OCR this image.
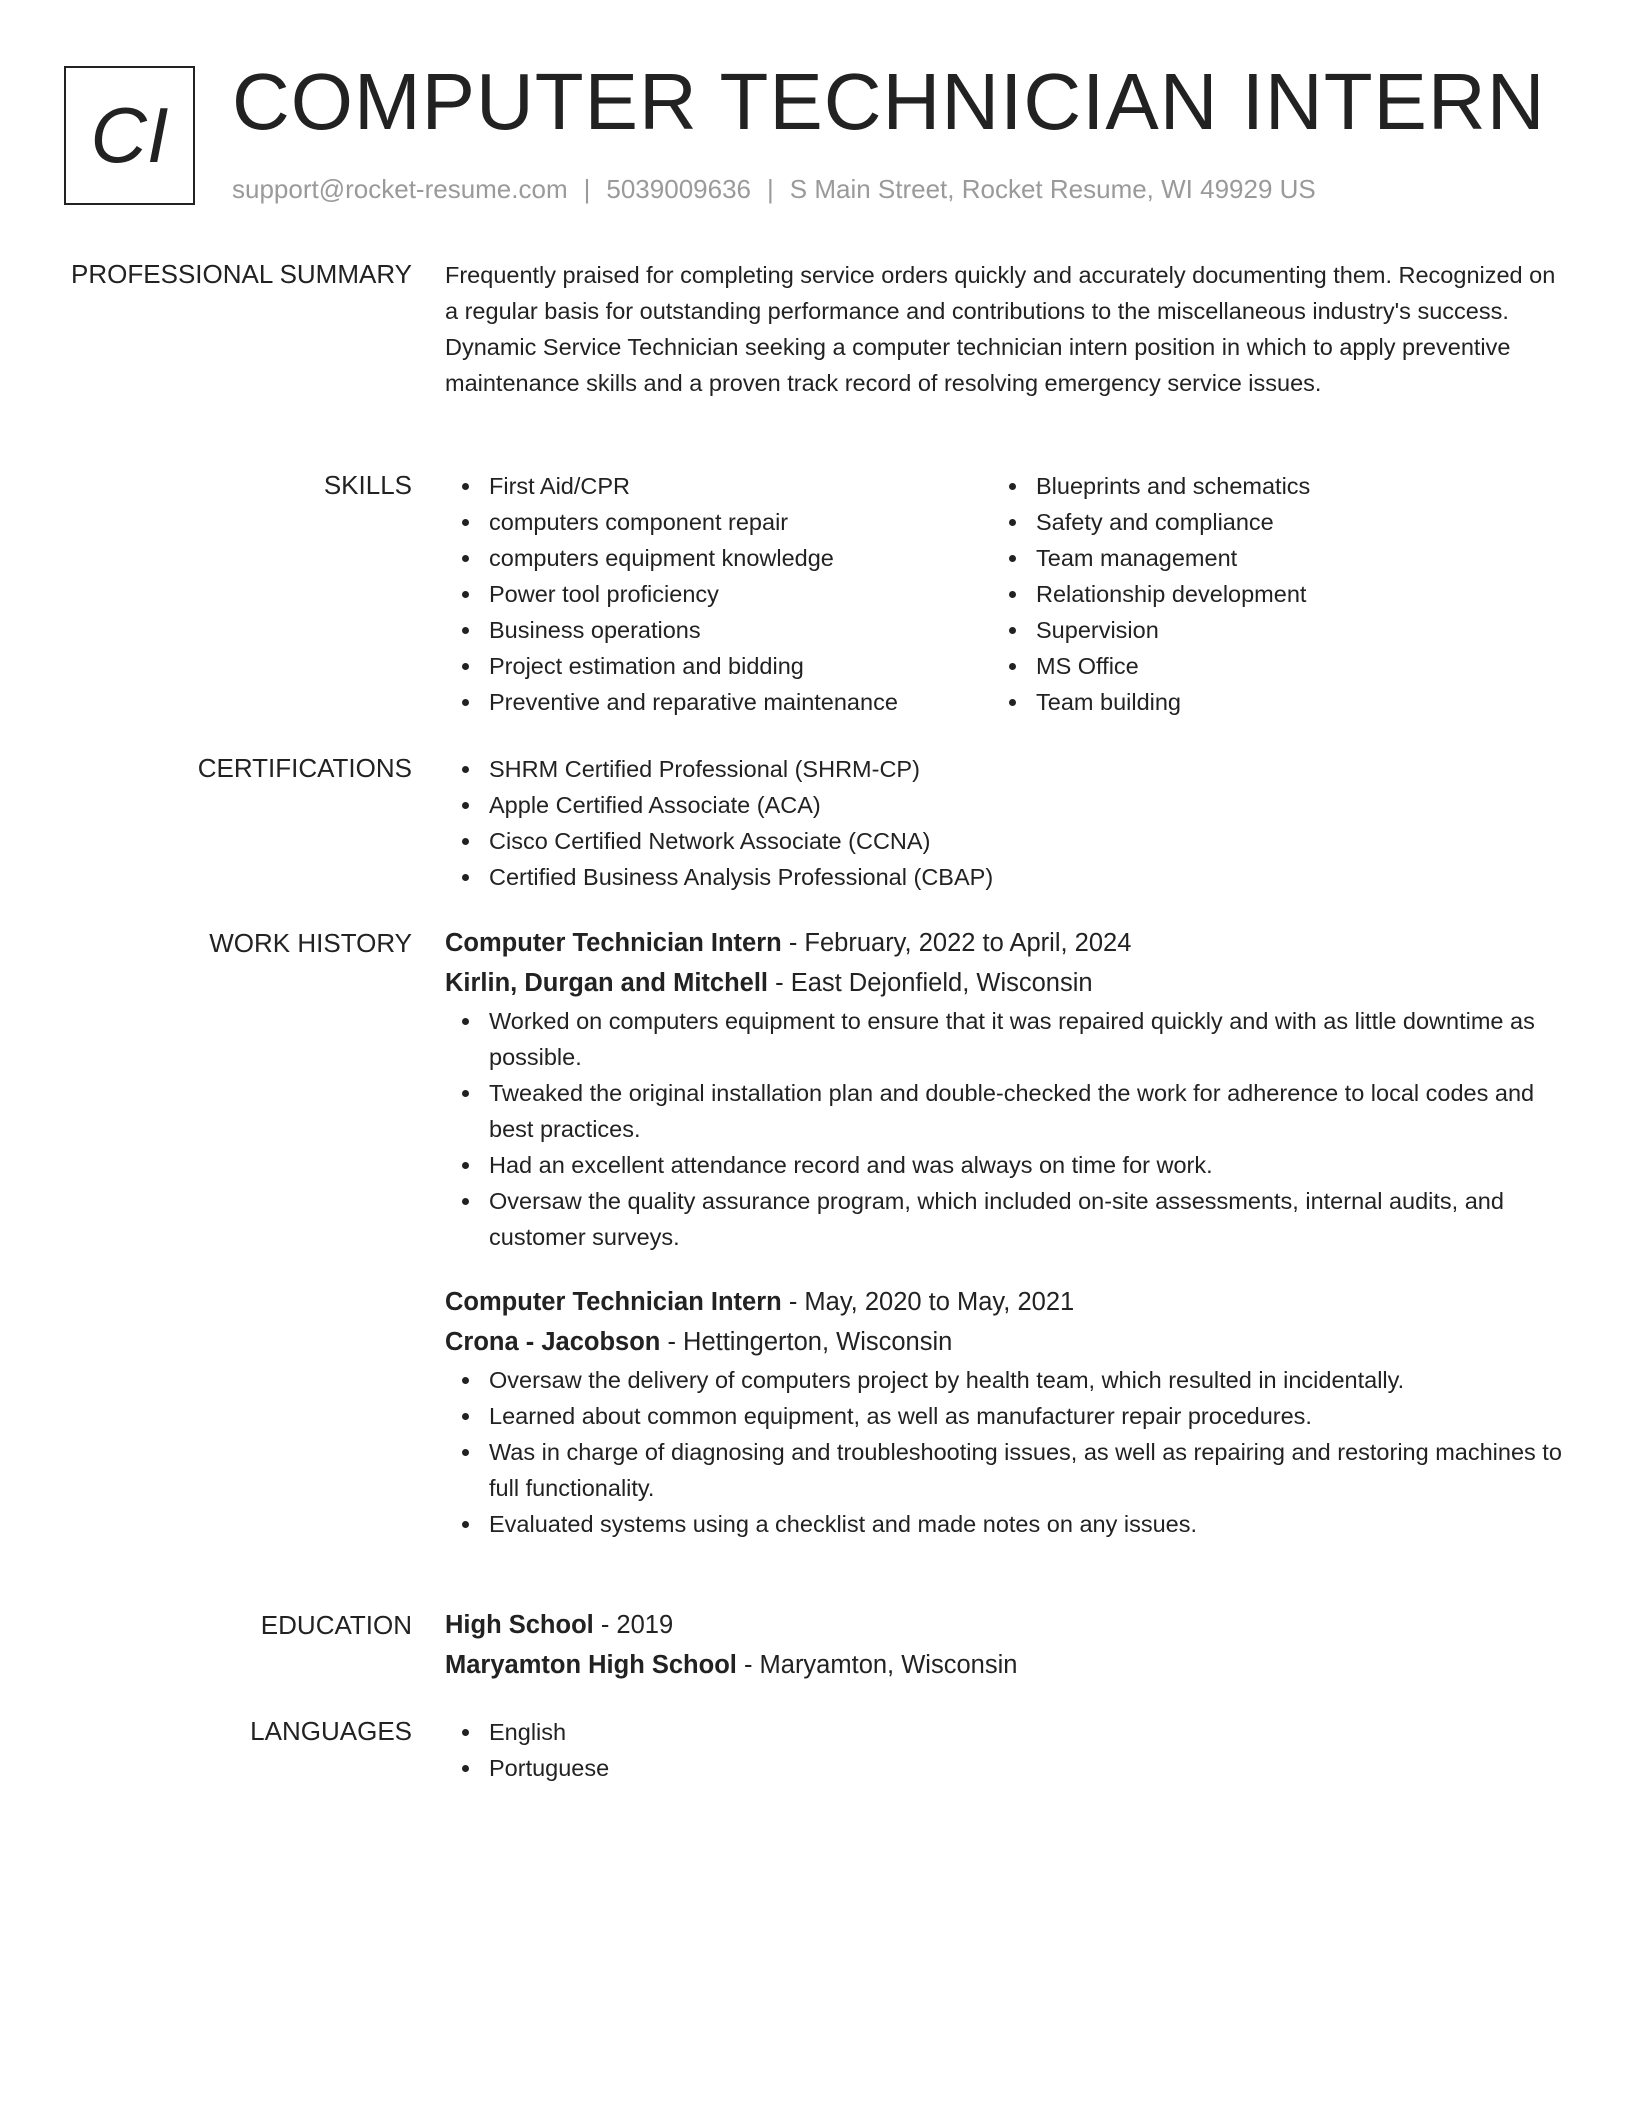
CI COMPUTER TECHNICIAN INTERN
support@rocket-resume.com | 5039009636 | S Main Street, Rocket Resume, WI 49929 US
PROFESSIONAL SUMMARY Frequently praised for completing service orders quickly and accurately documenting them. Recognized on a regular basis for outstanding performance and contributions to the miscellaneous industry's success. Dynamic Service Technician seeking a computer technician intern position in which to apply preventive maintenance skills and a proven track record of resolving emergency service issues.

SKILLS	First Aid/CPR
computers component repair
computers equipment knowledge
Power tool proficiency
Business operations
Project estimation and bidding
Preventive and reparative maintenance
Blueprints and schematics
Safety and compliance
Team management
Relationship development
Supervision
MS Office
Team building
CERTIFICATIONS	SHRM Certified Professional (SHRM-CP)
Apple Certified Associate (ACA)
Cisco Certified Network Associate (CCNA)
Certified Business Analysis Professional (CBAP)
WORK HISTORY Computer Technician Intern - February, 2022 to April, 2024
Kirlin, Durgan and Mitchell - East Dejonfield, Wisconsin
Worked on computers equipment to ensure that it was repaired quickly and with as little downtime as possible.
Tweaked the original installation plan and double-checked the work for adherence to local codes and best practices.
Had an excellent attendance record and was always on time for work.
Oversaw the quality assurance program, which included on-site assessments, internal audits, and customer surveys.
Computer Technician Intern - May, 2020 to May, 2021
Crona - Jacobson - Hettingerton, Wisconsin
Oversaw the delivery of computers project by health team, which resulted in incidentally.
Learned about common equipment, as well as manufacturer repair procedures.
Was in charge of diagnosing and troubleshooting issues, as well as repairing and restoring machines to full functionality.
Evaluated systems using a checklist and made notes on any issues.
EDUCATION High School - 2019
Maryamton High School - Maryamton, Wisconsin
LANGUAGES	English
Portuguese
